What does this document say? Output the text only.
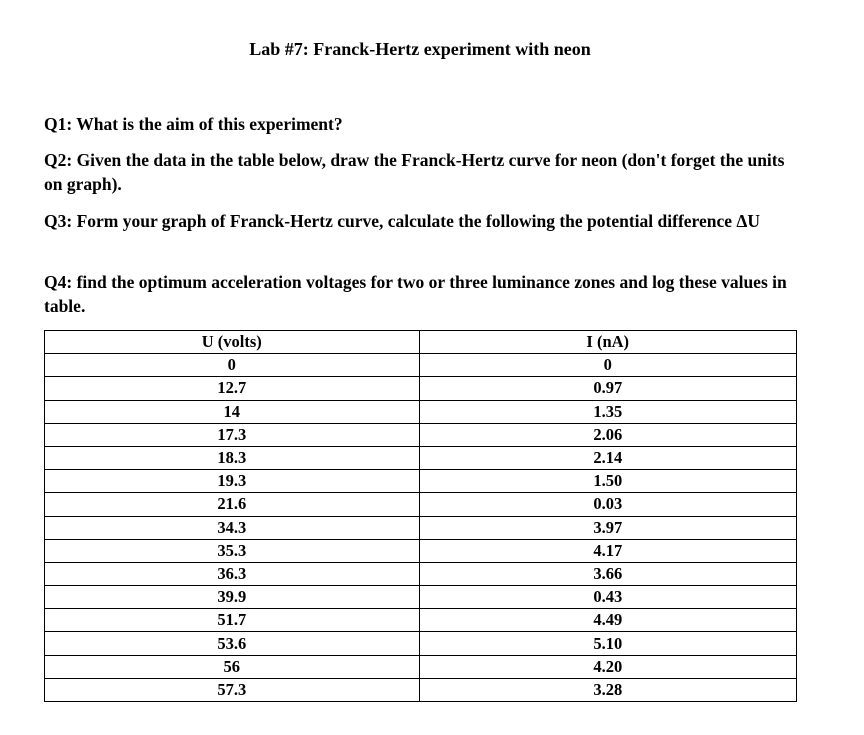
Lab #7: Franck-Hertz experiment with neon
Q1: What is the aim of this experiment?
Q2: Given the data in the table below, draw the Franck-Hertz curve for neon (don't forget the units on graph).
Q3: Form your graph of Franck-Hertz curve, calculate the following the potential difference ΔU
Q4: find the optimum acceleration voltages for two or three luminance zones and log these values in table.
U (volts)	I (nA)
0	0
12.7	0.97
14	1.35
17.3	2.06
18.3	2.14
19.3	1.50
21.6	0.03
34.3	3.97
35.3	4.17
36.3	3.66
39.9	0.43
51.7	4.49
53.6	5.10
56	4.20
57.3	3.28
